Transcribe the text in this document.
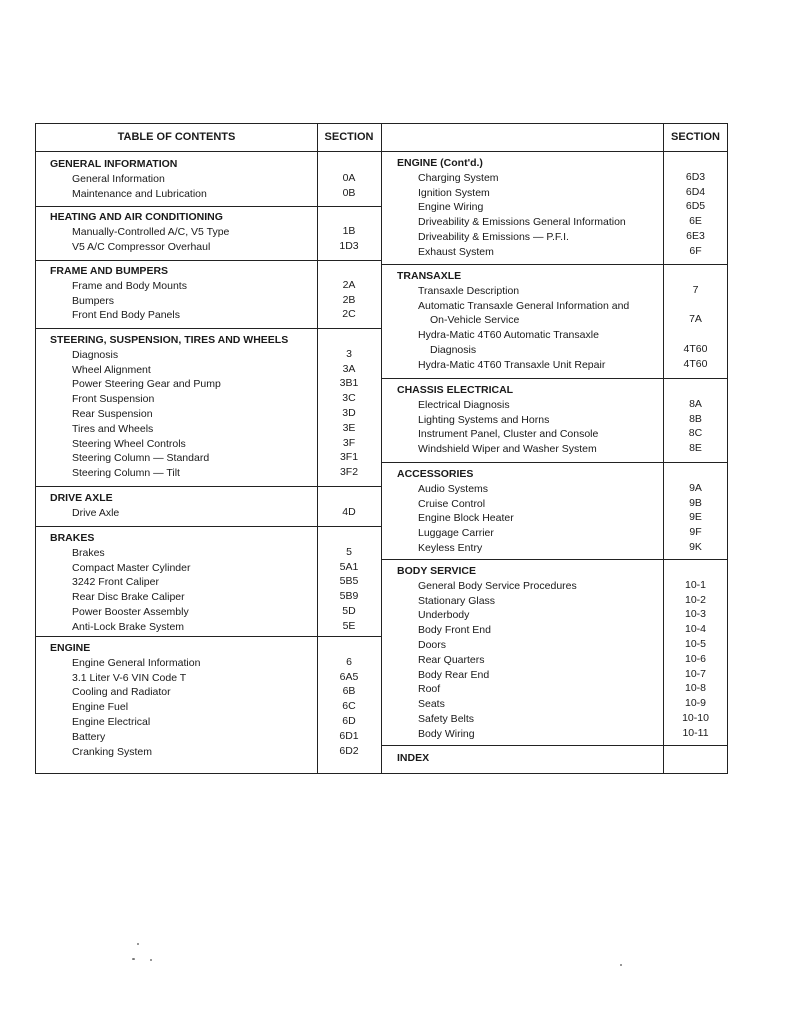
TABLE OF CONTENTS	SECTION	SECTION
GENERAL INFORMATION
General Information	0A
Maintenance and Lubrication	0B
HEATING AND AIR CONDITIONING
Manually-Controlled A/C, V5 Type	1B
V5 A/C Compressor Overhaul	1D3
FRAME AND BUMPERS
Frame and Body Mounts	2A
Bumpers	2B
Front End Body Panels	2C
STEERING, SUSPENSION, TIRES AND WHEELS
Diagnosis	3
Wheel Alignment	3A
Power Steering Gear and Pump	3B1
Front Suspension	3C
Rear Suspension	3D
Tires and Wheels	3E
Steering Wheel Controls	3F
Steering Column — Standard	3F1
Steering Column — Tilt	3F2
DRIVE AXLE
Drive Axle	4D
BRAKES
Brakes	5
Compact Master Cylinder	5A1
3242 Front Caliper	5B5
Rear Disc Brake Caliper	5B9
Power Booster Assembly	5D
Anti-Lock Brake System	5E
ENGINE
Engine General Information	6
3.1 Liter V-6 VIN Code T	6A5
Cooling and Radiator	6B
Engine Fuel	6C
Engine Electrical	6D
Battery	6D1
Cranking System	6D2
ENGINE (Cont'd.)
Charging System	6D3
Ignition System	6D4
Engine Wiring	6D5
Driveability & Emissions General Information	6E
Driveability & Emissions — P.F.I.	6E3
Exhaust System	6F
TRANSAXLE
Transaxle Description	7
Automatic Transaxle General Information and
On-Vehicle Service	7A
Hydra-Matic 4T60 Automatic Transaxle
Diagnosis	4T60
Hydra-Matic 4T60 Transaxle Unit Repair	4T60
CHASSIS ELECTRICAL
Electrical Diagnosis	8A
Lighting Systems and Horns	8B
Instrument Panel, Cluster and Console	8C
Windshield Wiper and Washer System	8E
ACCESSORIES
Audio Systems	9A
Cruise Control	9B
Engine Block Heater	9E
Luggage Carrier	9F
Keyless Entry	9K
BODY SERVICE
General Body Service Procedures	10-1
Stationary Glass	10-2
Underbody	10-3
Body Front End	10-4
Doors	10-5
Rear Quarters	10-6
Body Rear End	10-7
Roof	10-8
Seats	10-9
Safety Belts	10-10
Body Wiring	10-11
INDEX
